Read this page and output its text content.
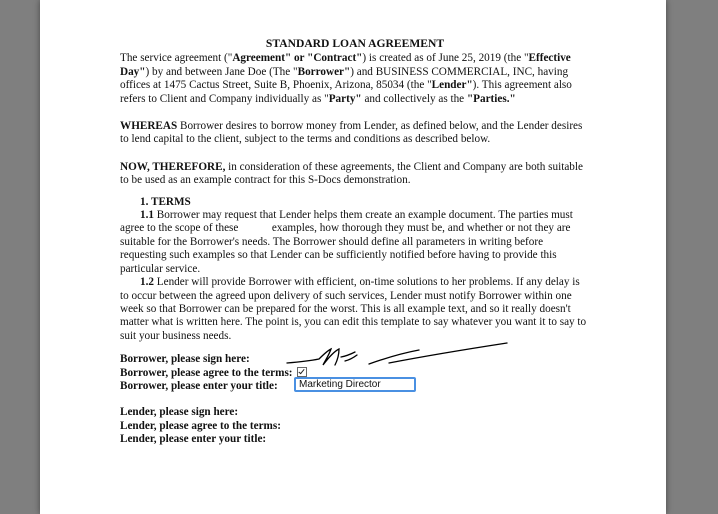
STANDARD LOAN AGREEMENT

The service agreement ("Agreement" or "Contract") is created as of June 25, 2019 (the "Effective Day") by and between Jane Doe (The "Borrower") and BUSINESS COMMERCIAL, INC, having offices at 1475 Cactus Street, Suite B, Phoenix, Arizona, 85034 (the "Lender"). This agreement also refers to Client and Company individually as "Party" and collectively as the "Parties."

WHEREAS Borrower desires to borrow money from Lender, as defined below, and the Lender desires to lend capital to the client, subject to the terms and conditions as described below.

NOW, THEREFORE, in consideration of these agreements, the Client and Company are both suitable to be used as an example contract for this S-Docs demonstration.

1. TERMS

1.1 Borrower may request that Lender helps them create an example document. The parties must agree to the scope of these            examples, how thorough they must be, and whether or not they are suitable for the Borrower's needs. The Borrower should define all parameters in writing before requesting such examples so that Lender can be sufficiently notified before having to provide this particular service.

1.2 Lender will provide Borrower with efficient, on-time solutions to her problems. If any delay is to occur between the agreed upon delivery of such services, Lender must notify Borrower within one week so that Borrower can be prepared for the worst. This is all example text, and so it really doesn't matter what is written here. The point is, you can edit this template to say whatever you want it to say to suit your business needs.

Borrower, please sign here:
Borrower, please agree to the terms:
Borrower, please enter your title:
Marketing Director
Lender, please sign here:
Lender, please agree to the terms:
Lender, please enter your title:
